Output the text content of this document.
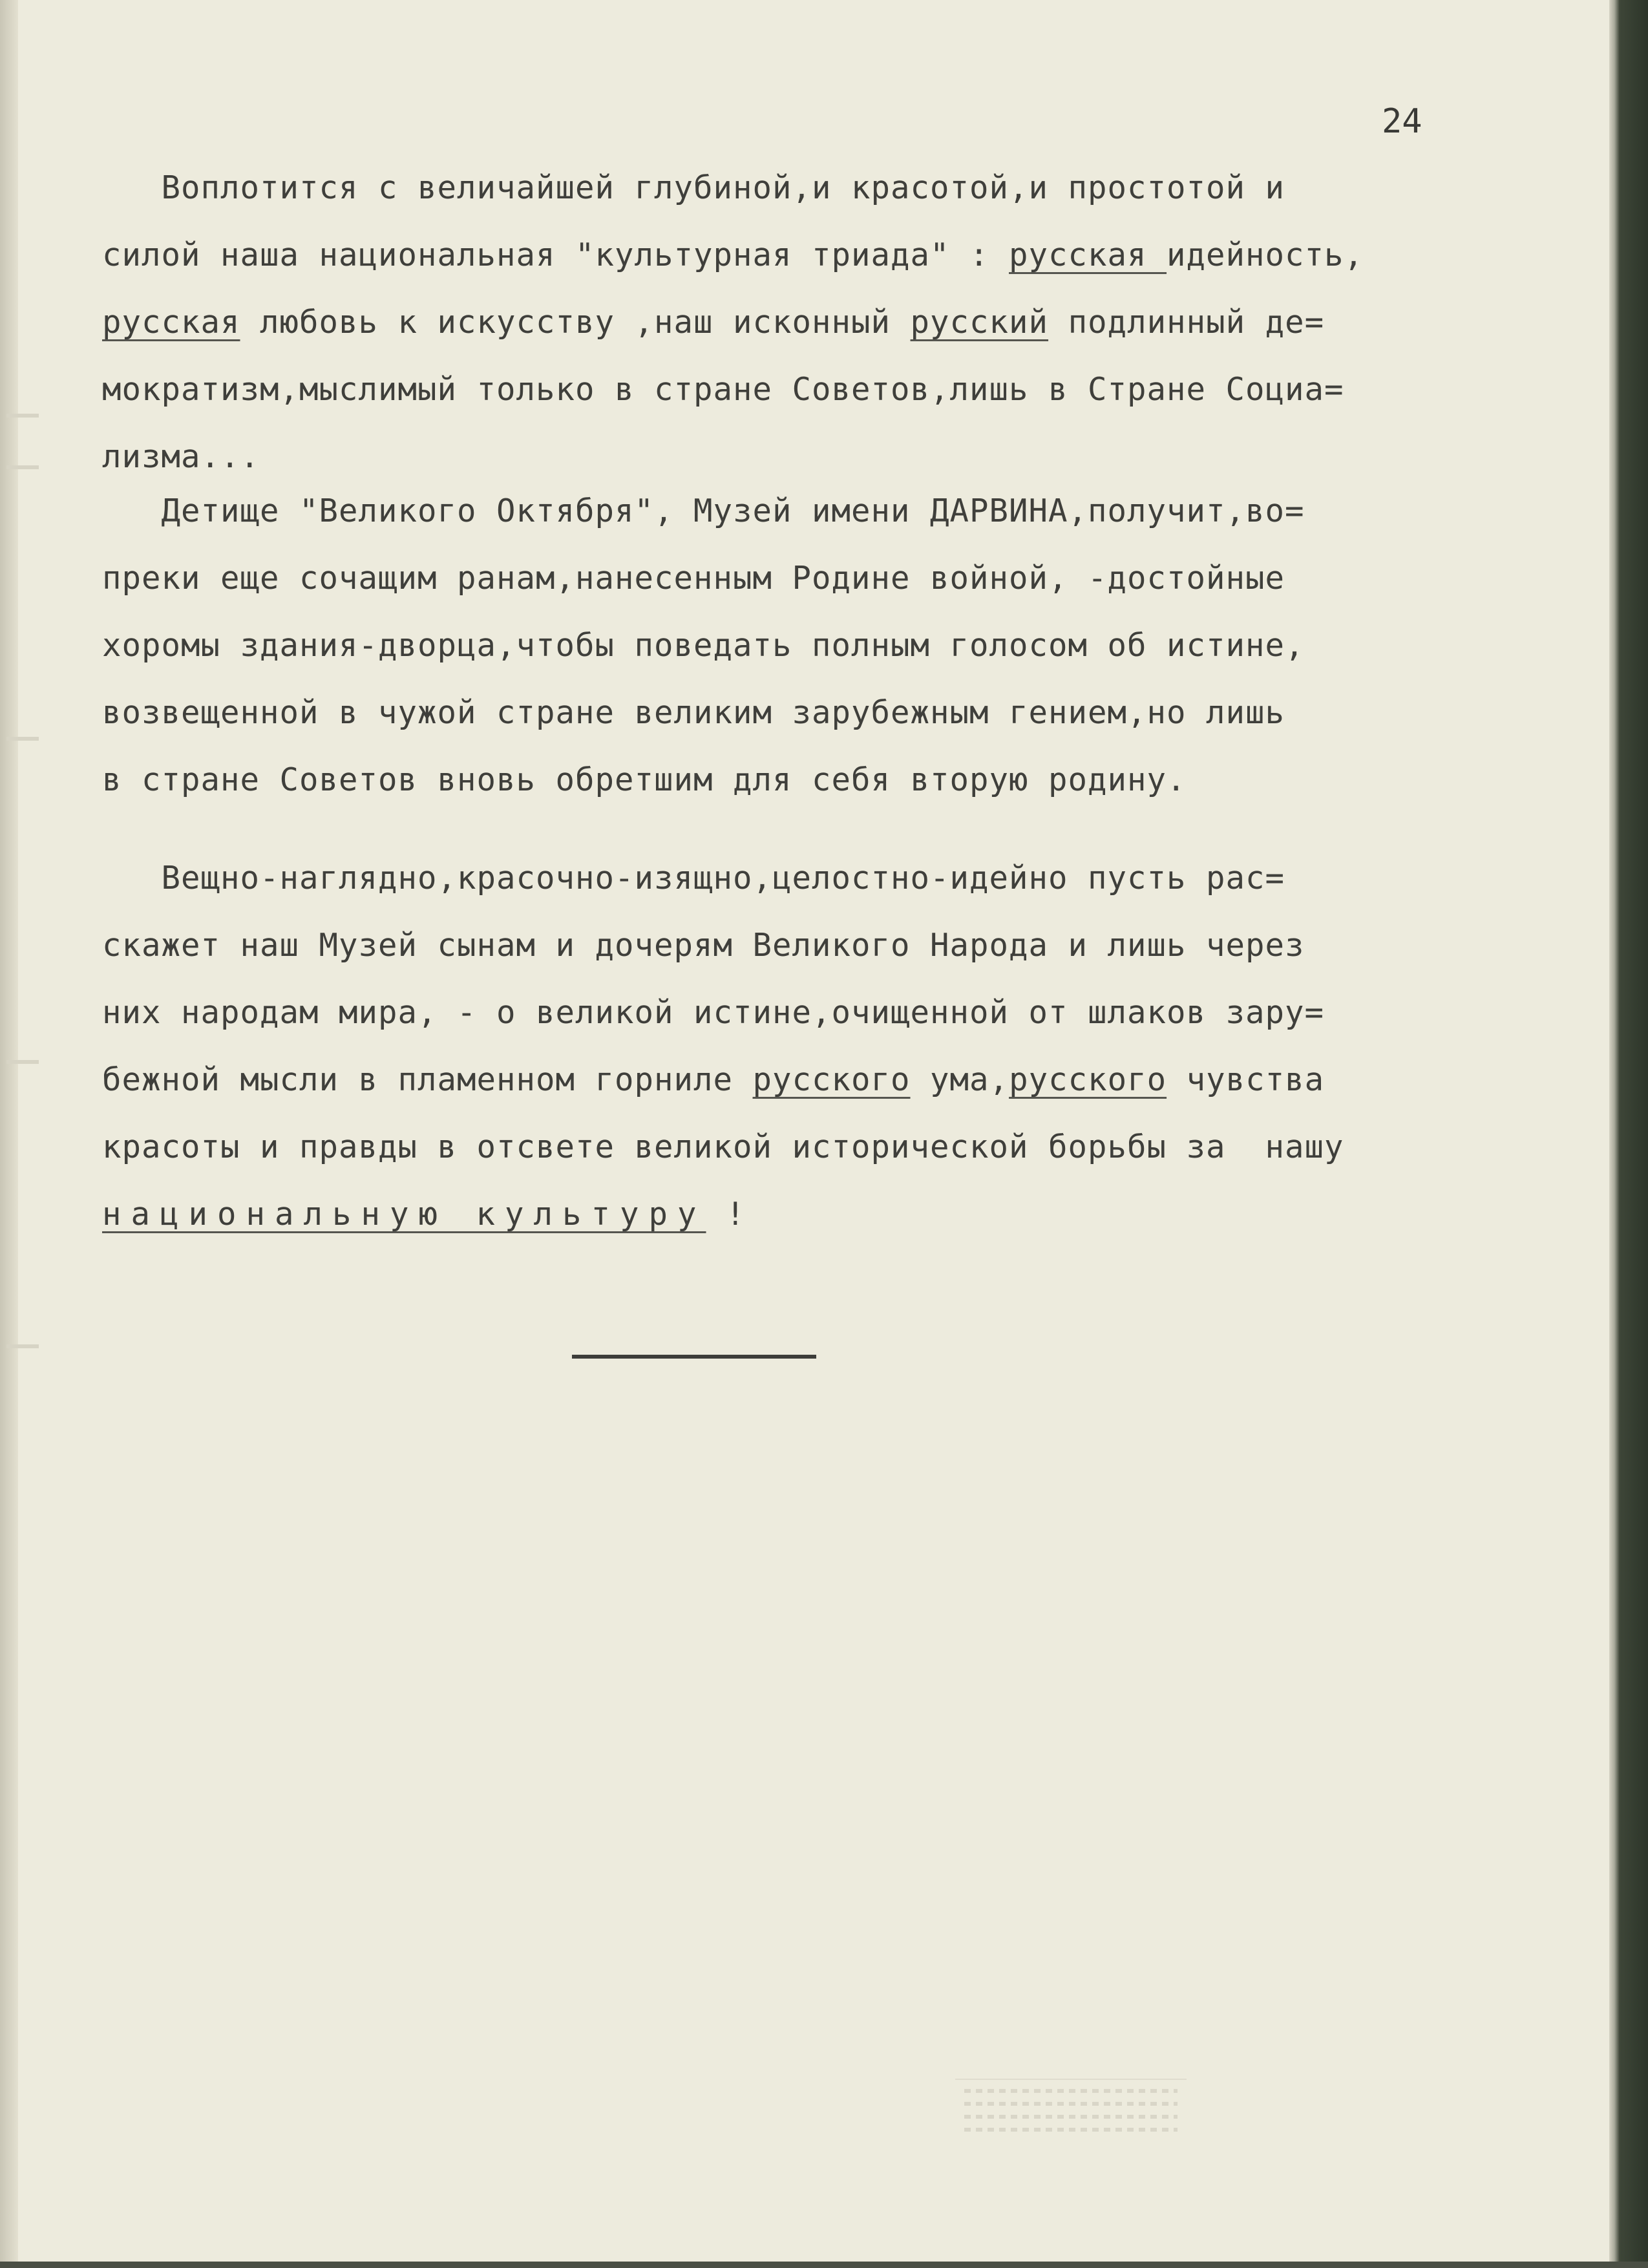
24
Воплотится с величайшей глубиной,и красотой,и простотой и
силой наша национальная "культурная триада" : русская идейность,
русская любовь к искусству ,наш исконный русский подлинный де=
мократизм,мыслимый только в стране Советов,лишь в Стране Социа=
лизма...
Детище "Великого Октября", Музей имени ДАРВИНА,получит,во=
преки еще сочащим ранам,нанесенным Родине войной, -достойные
хоромы здания-дворца,чтобы поведать полным голосом об истине,
возвещенной в чужой стране великим зарубежным гением,но лишь
в стране Советов вновь обретшим для себя вторую родину.
Вещно-наглядно,красочно-изящно,целостно-идейно пусть рас=
скажет наш Музей сынам и дочерям Великого Народа и лишь через
них народам мира, - о великой истине,очищенной от шлаков зару=
бежной мысли в пламенном горниле русского ума,русского чувства
красоты и правды в отсвете великой исторической борьбы за  нашу
национальную культуру !
